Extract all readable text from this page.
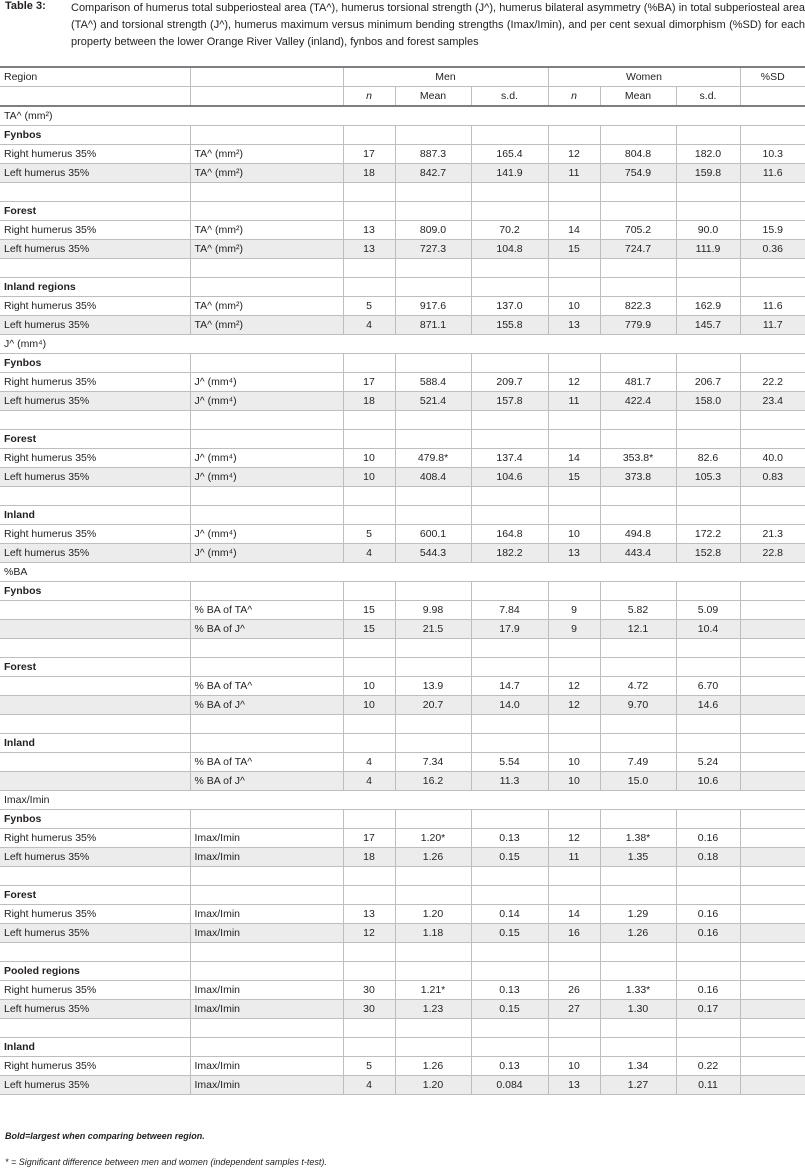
Table 3: Comparison of humerus total subperiosteal area (TA^), humerus torsional strength (J^), humerus bilateral asymmetry (%BA) in total subperiosteal area (TA^) and torsional strength (J^), humerus maximum versus minimum bending strengths (Imax/Imin), and per cent sexual dimorphism (%SD) for each property between the lower Orange River Valley (inland), fynbos and forest samples
Region		Men			Women			%SD
		n	Mean	s.d.	n	Mean	s.d.	
TA^ (mm²)								
Fynbos								
Right humerus 35%	TA^ (mm²)	17	887.3	165.4	12	804.8	182.0	10.3
Left humerus 35%	TA^ (mm²)	18	842.7	141.9	11	754.9	159.8	11.6

Forest								
Right humerus 35%	TA^ (mm²)	13	809.0	70.2	14	705.2	90.0	15.9
Left humerus 35%	TA^ (mm²)	13	727.3	104.8	15	724.7	111.9	0.36

Inland regions								
Right humerus 35%	TA^ (mm²)	5	917.6	137.0	10	822.3	162.9	11.6
Left humerus 35%	TA^ (mm²)	4	871.1	155.8	13	779.9	145.7	11.7
J^ (mm⁴)								
Fynbos								
Right humerus 35%	J^ (mm⁴)	17	588.4	209.7	12	481.7	206.7	22.2
Left humerus 35%	J^ (mm⁴)	18	521.4	157.8	11	422.4	158.0	23.4

Forest								
Right humerus 35%	J^ (mm⁴)	10	479.8*	137.4	14	353.8*	82.6	40.0
Left humerus 35%	J^ (mm⁴)	10	408.4	104.6	15	373.8	105.3	0.83

Inland								
Right humerus 35%	J^ (mm⁴)	5	600.1	164.8	10	494.8	172.2	21.3
Left humerus 35%	J^ (mm⁴)	4	544.3	182.2	13	443.4	152.8	22.8
%BA								
Fynbos								
	% BA of TA^	15	9.98	7.84	9	5.82	5.09	
	% BA of J^	15	21.5	17.9	9	12.1	10.4	

Forest								
	% BA of TA^	10	13.9	14.7	12	4.72	6.70	
	% BA of J^	10	20.7	14.0	12	9.70	14.6	

Inland								
	% BA of TA^	4	7.34	5.54	10	7.49	5.24	
	% BA of J^	4	16.2	11.3	10	15.0	10.6	
Imax/Imin								
Fynbos								
Right humerus 35%	Imax/Imin	17	1.20*	0.13	12	1.38*	0.16	
Left humerus 35%	Imax/Imin	18	1.26	0.15	11	1.35	0.18	

Forest								
Right humerus 35%	Imax/Imin	13	1.20	0.14	14	1.29	0.16	
Left humerus 35%	Imax/Imin	12	1.18	0.15	16	1.26	0.16	

Pooled regions								
Right humerus 35%	Imax/Imin	30	1.21*	0.13	26	1.33*	0.16	
Left humerus 35%	Imax/Imin	30	1.23	0.15	27	1.30	0.17	

Inland								
Right humerus 35%	Imax/Imin	5	1.26	0.13	10	1.34	0.22	
Left humerus 35%	Imax/Imin	4	1.20	0.084	13	1.27	0.11	
Bold=largest when comparing between region.
* = Significant difference between men and women (independent samples t-test).
